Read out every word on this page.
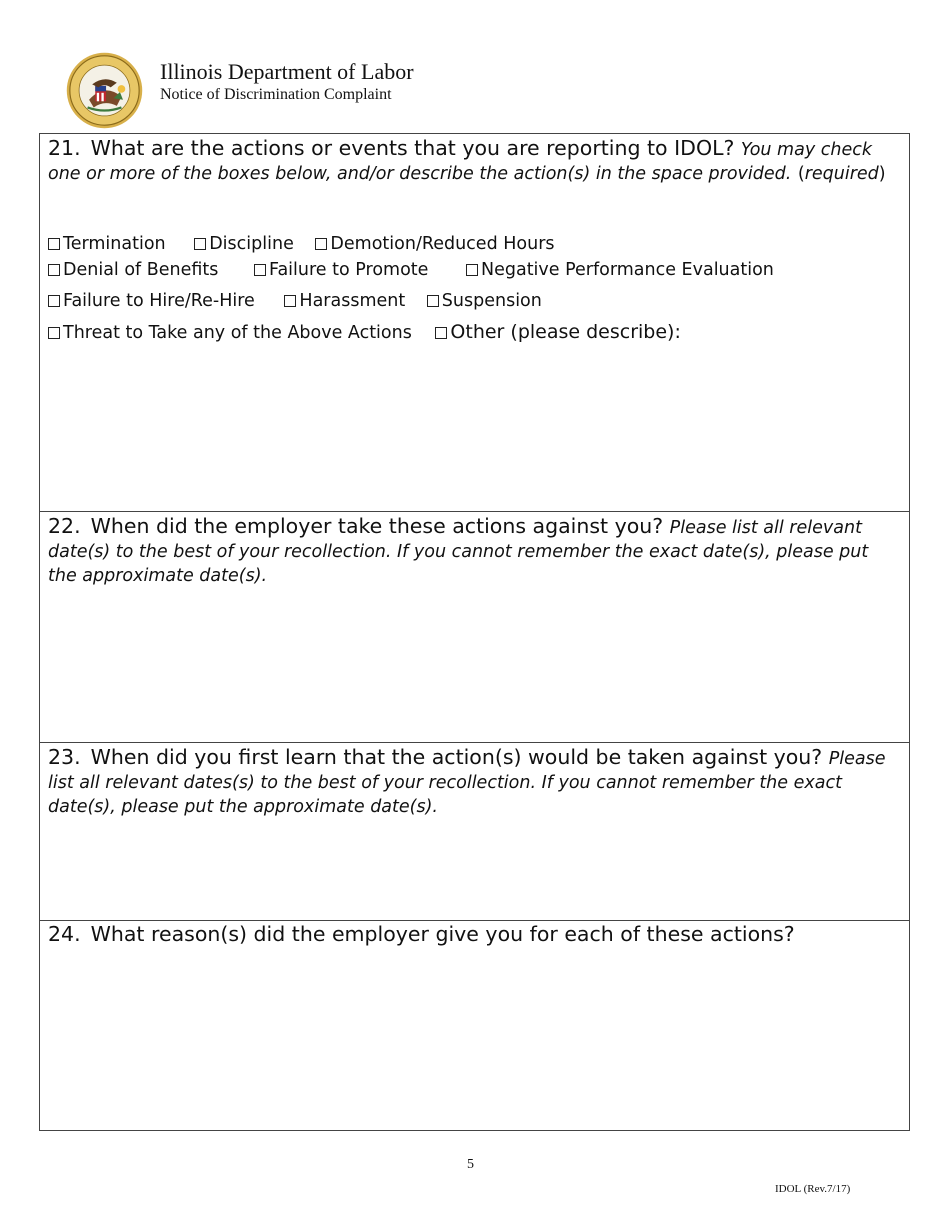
Illinois Department of Labor
Notice of Discrimination Complaint
21. What are the actions or events that you are reporting to IDOL? You may check one or more of the boxes below, and/or describe the action(s) in the space provided. (required)
Termination Discipline Demotion/Reduced Hours
Denial of Benefits	Failure to Promote	Negative Performance Evaluation
Failure to Hire/Re-Hire	Harassment Suspension
Threat to Take any of the Above Actions Other (please describe):
22. When did the employer take these actions against you? Please list all relevant date(s) to the best of your recollection. If you cannot remember the exact date(s), please put the approximate date(s).
23. When did you first learn that the action(s) would be taken against you? Please list all relevant dates(s) to the best of your recollection. If you cannot remember the exact date(s), please put the approximate date(s).
24. What reason(s) did the employer give you for each of these actions?
5
IDOL (Rev.7/17)
